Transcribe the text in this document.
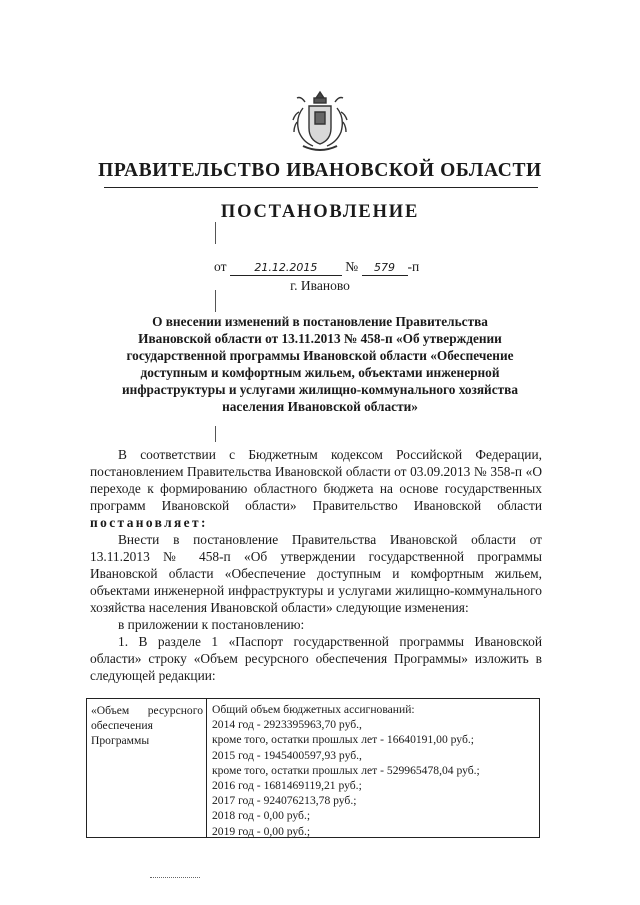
ПРАВИТЕЛЬСТВО ИВАНОВСКОЙ ОБЛАСТИ
ПОСТАНОВЛЕНИЕ
от	21.12.2015 № 579 -п
г. Иваново
О внесении изменений в постановление Правительства
Ивановской области от 13.11.2013 № 458-п «Об утверждении
государственной программы Ивановской области «Обеспечение
доступным и комфортным жильем, объектами инженерной
инфраструктуры и услугами жилищно-коммунального хозяйства
населения Ивановской области»

В соответствии с Бюджетным кодексом Российской Федерации, постановлением Правительства Ивановской области от 03.09.2013 № 358-п «О переходе к формированию областного бюджета на основе государственных программ Ивановской области» Правительство Ивановской области постановляет:

Внести в постановление Правительства Ивановской области от 13.11.2013 № 458-п «Об утверждении государственной программы Ивановской области «Обеспечение доступным и комфортным жильем, объектами инженерной инфраструктуры и услугами жилищно-коммунального хозяйства населения Ивановской области» следующие изменения:

в приложении к постановлению:

1. В разделе 1 «Паспорт государственной программы Ивановской области» строку «Объем ресурсного обеспечения Программы» изложить в следующей редакции:

«Объем ресурсного
обеспечения
Программы
Общий объем бюджетных ассигнований:
2014 год - 2923395963,70 руб.,
кроме того, остатки прошлых лет - 16640191,00 руб.;
2015 год - 1945400597,93 руб.,
кроме того, остатки прошлых лет - 529965478,04 руб.;
2016 год - 1681469119,21 руб.;
2017 год - 924076213,78 руб.;
2018 год - 0,00 руб.;
2019 год - 0,00 руб.;
